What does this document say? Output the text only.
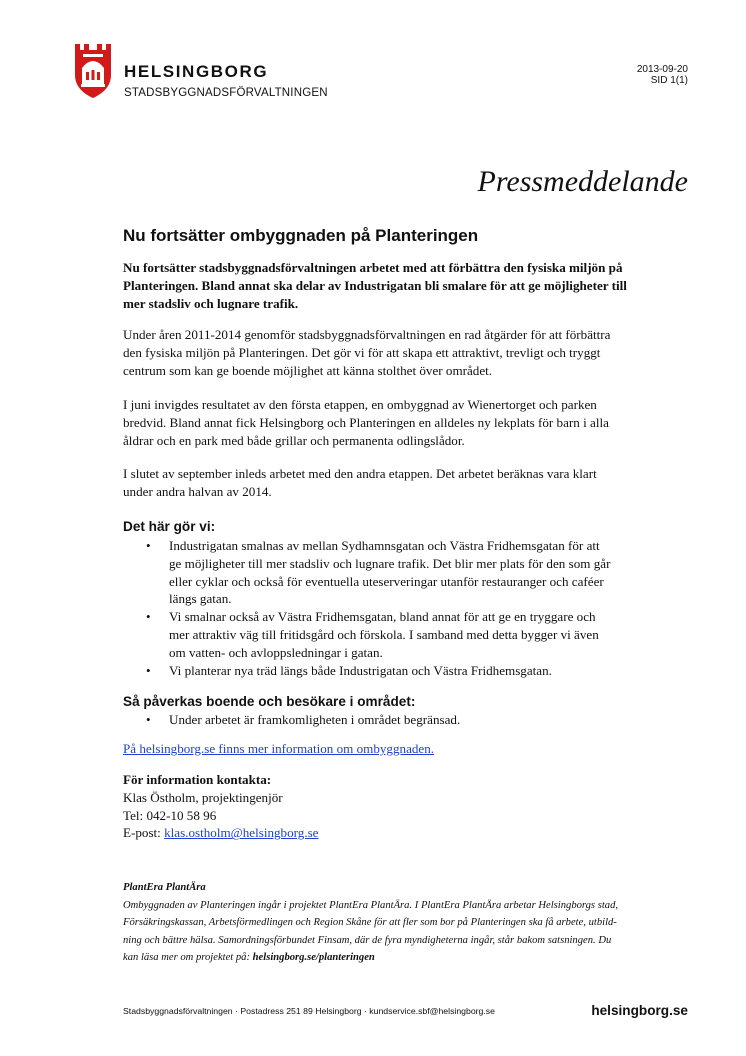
HELSINGBORG
STADSBYGGNADSFÖRVALTNINGEN
2013-09-20
SID 1(1)
Pressmeddelande
Nu fortsätter ombyggnaden på Planteringen
Nu fortsätter stadsbyggnadsförvaltningen arbetet med att förbättra den fysiska miljön på
Planteringen. Bland annat ska delar av Industrigatan bli smalare för att ge möjligheter till
mer stadsliv och lugnare trafik.
Under åren 2011-2014 genomför stadsbyggnadsförvaltningen en rad åtgärder för att förbättra
den fysiska miljön på Planteringen. Det gör vi för att skapa ett attraktivt, trevligt och tryggt
centrum som kan ge boende möjlighet att känna stolthet över området.
I juni invigdes resultatet av den första etappen, en ombyggnad av Wienertorget och parken
bredvid. Bland annat fick Helsingborg och Planteringen en alldeles ny lekplats för barn i alla
åldrar och en park med både grillar och permanenta odlingslådor.
I slutet av september inleds arbetet med den andra etappen. Det arbetet beräknas vara klart
under andra halvan av 2014.
Det här gör vi:
• Industrigatan smalnas av mellan Sydhamnsgatan och Västra Fridhemsgatan för att
ge möjligheter till mer stadsliv och lugnare trafik. Det blir mer plats för den som går
eller cyklar och också för eventuella uteserveringar utanför restauranger och caféer
längs gatan.
• Vi smalnar också av Västra Fridhemsgatan, bland annat för att ge en tryggare och
mer attraktiv väg till fritidsgård och förskola. I samband med detta bygger vi även
om vatten- och avloppsledningar i gatan.
• Vi planterar nya träd längs både Industrigatan och Västra Fridhemsgatan.
Så påverkas boende och besökare i området:
• Under arbetet är framkomligheten i området begränsad.
På helsingborg.se finns mer information om ombyggnaden.
För information kontakta:
Klas Östholm, projektingenjör
Tel: 042-10 58 96
E-post: klas.ostholm@helsingborg.se
PlantEra PlantÄra
Ombyggnaden av Planteringen ingår i projektet PlantEra PlantÄra. I PlantEra PlantÄra arbetar Helsingborgs stad,
Försäkringskassan, Arbetsförmedlingen och Region Skåne för att fler som bor på Planteringen ska få arbete, utbild-
ning och bättre hälsa. Samordningsförbundet Finsam, där de fyra myndigheterna ingår, står bakom satsningen. Du
kan läsa mer om projektet på: helsingborg.se/planteringen
Stadsbyggnadsförvaltningen · Postadress 251 89 Helsingborg · kundservice.sbf@helsingborg.se	helsingborg.se
